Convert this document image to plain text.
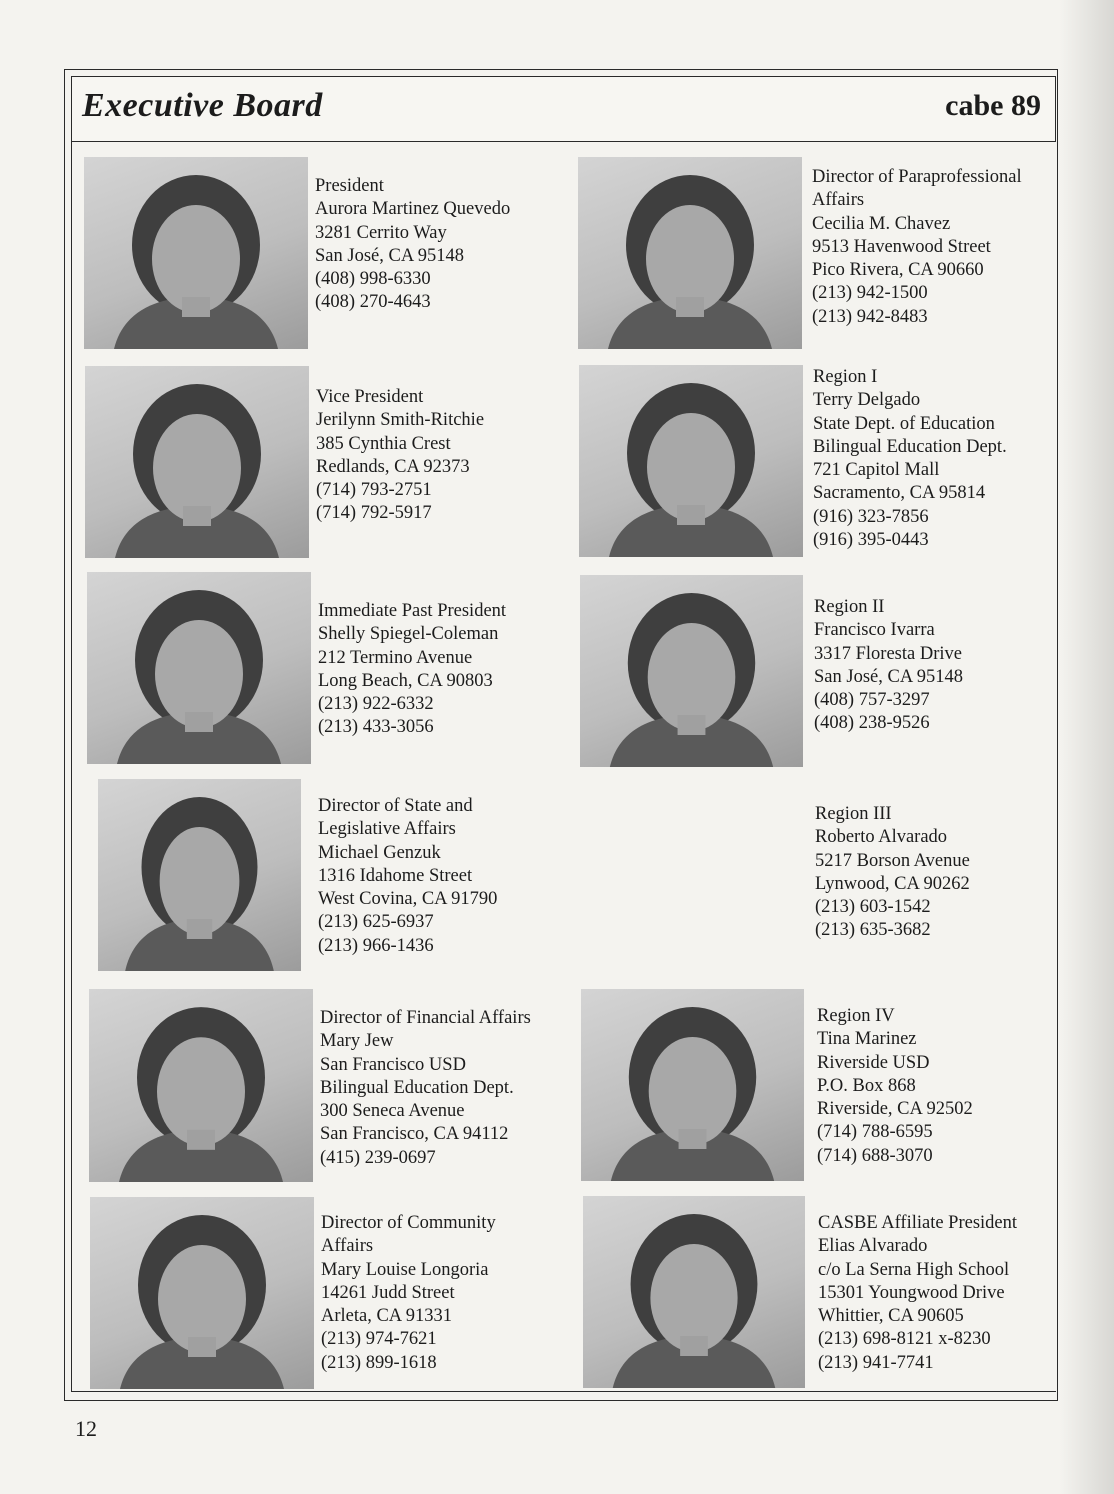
Executive Board	cabe 89
President
Aurora Martinez Quevedo
3281 Cerrito Way
San José, CA 95148
(408) 998-6330
(408) 270-4643
Vice President
Jerilynn Smith-Ritchie
385 Cynthia Crest
Redlands, CA 92373
(714) 793-2751
(714) 792-5917
Immediate Past President
Shelly Spiegel-Coleman
212 Termino Avenue
Long Beach, CA 90803
(213) 922-6332
(213) 433-3056
Director of State and
Legislative Affairs
Michael Genzuk
1316 Idahome Street
West Covina, CA 91790
(213) 625-6937
(213) 966-1436
Director of Financial Affairs
Mary Jew
San Francisco USD
Bilingual Education Dept.
300 Seneca Avenue
San Francisco, CA 94112
(415) 239-0697
Director of Community
Affairs
Mary Louise Longoria
14261 Judd Street
Arleta, CA 91331
(213) 974-7621
(213) 899-1618
Director of Paraprofessional
Affairs
Cecilia M. Chavez
9513 Havenwood Street
Pico Rivera, CA 90660
(213) 942-1500
(213) 942-8483
Region I
Terry Delgado
State Dept. of Education
Bilingual Education Dept.
721 Capitol Mall
Sacramento, CA 95814
(916) 323-7856
(916) 395-0443
Region II
Francisco Ivarra
3317 Floresta Drive
San José, CA 95148
(408) 757-3297
(408) 238-9526
Region III
Roberto Alvarado
5217 Borson Avenue
Lynwood, CA 90262
(213) 603-1542
(213) 635-3682
Region IV
Tina Marinez
Riverside USD
P.O. Box 868
Riverside, CA 92502
(714) 788-6595
(714) 688-3070
CASBE Affiliate President
Elias Alvarado
c/o La Serna High School
15301 Youngwood Drive
Whittier, CA 90605
(213) 698-8121 x-8230
(213) 941-7741
12
